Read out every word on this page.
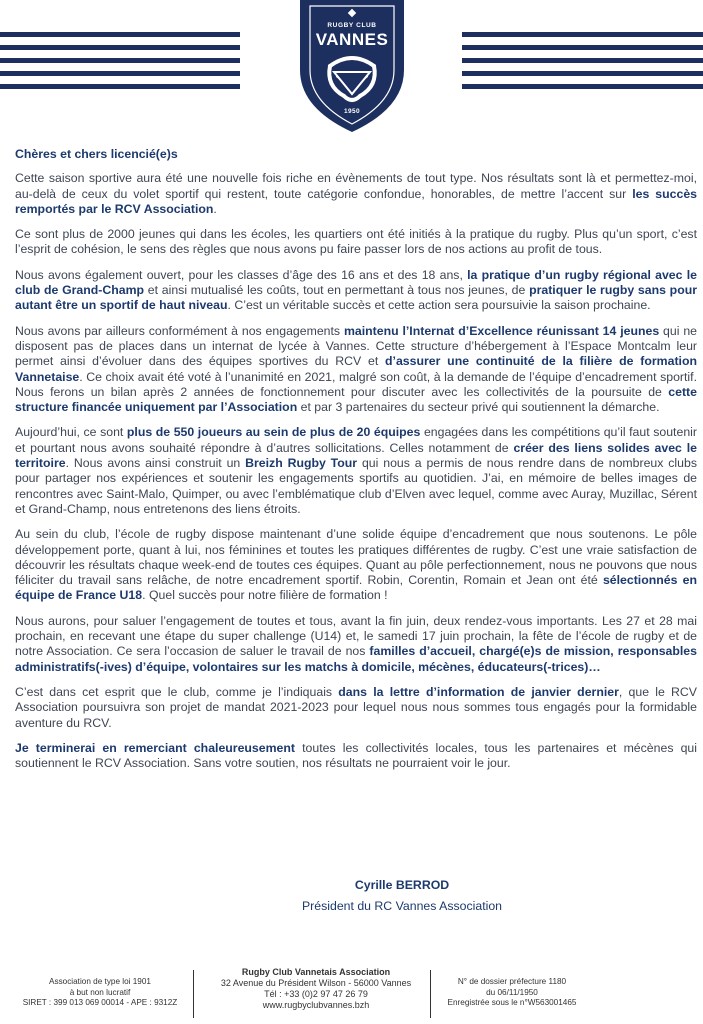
RUGBY CLUB
VANNES
1950

Chères et chers licencié(e)s

Cette saison sportive aura été une nouvelle fois riche en évènements de tout type. Nos résultats sont là et permettez-moi, au-delà de ceux du volet sportif qui restent, toute catégorie confondue, honorables, de mettre l’accent sur les succès remportés par le RCV Association.

Ce sont plus de 2000 jeunes qui dans les écoles, les quartiers ont été initiés à la pratique du rugby. Plus qu’un sport, c’est l’esprit de cohésion, le sens des règles que nous avons pu faire passer lors de nos actions au profit de tous.

Nous avons également ouvert, pour les classes d’âge des 16 ans et des 18 ans, la pratique d’un rugby régional avec le club de Grand-Champ et ainsi mutualisé les coûts, tout en permettant à tous nos jeunes, de pratiquer le rugby sans pour autant être un sportif de haut niveau. C’est un véritable succès et cette action sera poursuivie la saison prochaine.

Nous avons par ailleurs conformément à nos engagements maintenu l’Internat d’Excellence réunissant 14 jeunes qui ne disposent pas de places dans un internat de lycée à Vannes. Cette structure d’hébergement à l’Espace Montcalm leur permet ainsi d’évoluer dans des équipes sportives du RCV et d’assurer une continuité de la filière de formation Vannetaise. Ce choix avait été voté à l’unanimité en 2021, malgré son coût, à la demande de l’équipe d’encadrement sportif. Nous ferons un bilan après 2 années de fonctionnement pour discuter avec les collectivités de la poursuite de cette structure financée uniquement par l’Association et par 3 partenaires du secteur privé qui soutiennent la démarche.

Aujourd’hui, ce sont plus de 550 joueurs au sein de plus de 20 équipes engagées dans les compétitions qu’il faut soutenir et pourtant nous avons souhaité répondre à d’autres sollicitations. Celles notamment de créer des liens solides avec le territoire. Nous avons ainsi construit un Breizh Rugby Tour qui nous a permis de nous rendre dans de nombreux clubs pour partager nos expériences et soutenir les engagements sportifs au quotidien. J’ai, en mémoire de belles images de rencontres avec Saint-Malo, Quimper, ou avec l’emblématique club d’Elven avec lequel, comme avec Auray, Muzillac, Sérent et Grand-Champ, nous entretenons des liens étroits.

Au sein du club, l’école de rugby dispose maintenant d’une solide équipe d’encadrement que nous soutenons. Le pôle développement porte, quant à lui, nos féminines et toutes les pratiques différentes de rugby. C’est une vraie satisfaction de découvrir les résultats chaque week-end de toutes ces équipes. Quant au pôle perfectionnement, nous ne pouvons que nous féliciter du travail sans relâche, de notre encadrement sportif. Robin, Corentin, Romain et Jean ont été sélectionnés en équipe de France U18. Quel succès pour notre filière de formation !

Nous aurons, pour saluer l’engagement de toutes et tous, avant la fin juin, deux rendez-vous importants. Les 27 et 28 mai prochain, en recevant une étape du super challenge (U14) et, le samedi 17 juin prochain, la fête de l’école de rugby et de notre Association. Ce sera l’occasion de saluer le travail de nos familles d’accueil, chargé(e)s de mission, responsables administratifs(-ives) d’équipe, volontaires sur les matchs à domicile, mécènes, éducateurs(-trices)…

C’est dans cet esprit que le club, comme je l’indiquais dans la lettre d’information de janvier dernier, que le RCV Association poursuivra son projet de mandat 2021-2023 pour lequel nous nous sommes tous engagés pour la formidable aventure du RCV.

Je terminerai en remerciant chaleureusement toutes les collectivités locales, tous les partenaires et mécènes qui soutiennent le RCV Association. Sans votre soutien, nos résultats ne pourraient voir le jour.

Cyrille BERROD
Président du RC Vannes Association
Association de type loi 1901
à but non lucratif
SIRET : 399 013 069 00014 - APE : 9312Z
Rugby Club Vannetais Association
32 Avenue du Président Wilson - 56000 Vannes
Tél : +33 (0)2 97 47 26 79
www.rugbyclubvannes.bzh
N° de dossier préfecture 1180
du 06/11/1950
Enregistrée sous le n°W563001465
